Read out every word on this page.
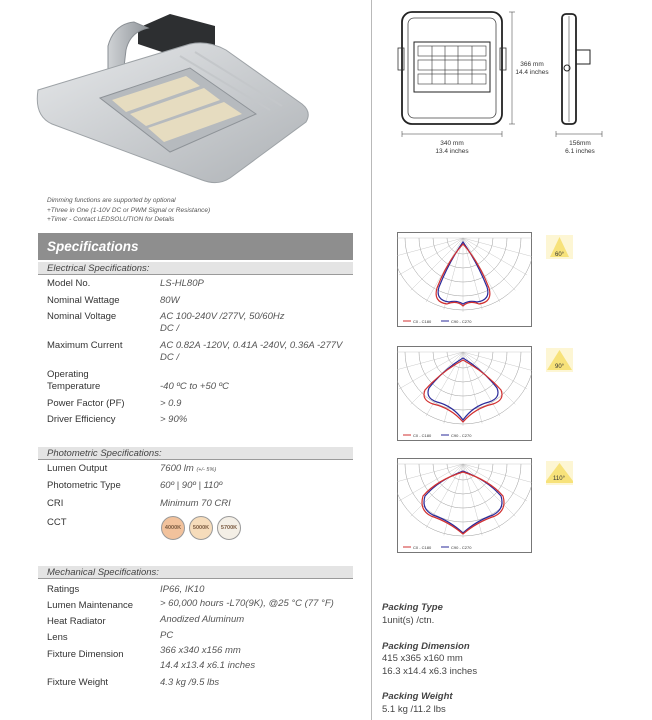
Dimming functions are supported by optional
+Three in One (1-10V DC or PWM Signal or Resistance)
+Timer - Contact LEDSOLUTION for Details
Specifications
Electrical Specifications:
Model No.	LS-HL80P
Nominal Wattage	80W
Nominal Voltage	AC 100-240V /277V, 50/60Hz
DC /
Maximum Current	AC 0.82A -120V, 0.41A -240V, 0.36A -277V
DC /
Operating
Temperature	-40 ºC to +50 ºC
Power Factor (PF)	> 0.9
Driver Efficiency	> 90%
Photometric Specifications:
Lumen Output	7600 lm (+/- 5%)
Photometric Type	60º | 90º | 110º
CRI	Minimum 70 CRI
CCT	4000K	5000K	5700K
Mechanical Specifications:
Ratings	IP66, IK10
Lumen Maintenance	> 60,000 hours -L70(9K), @25 °C (77 °F)
Heat Radiator	Anodized Aluminum
Lens	PC
Fixture Dimension	366 x340 x156 mm
14.4 x13.4 x6.1 inches
Fixture Weight	4.3 kg /9.5 lbs
366 mm
14.4 inches
340 mm
13.4 inches
156mm
6.1 inches
C0 - C180	C90 - C270
C0 - C180	C90 - C270
C0 - C180	C90 - C270
60°
90°
110°
Packing Type
1unit(s) /ctn.
Packing Dimension
415 x365 x160 mm
16.3 x14.4 x6.3 inches
Packing Weight
5.1 kg /11.2 lbs
